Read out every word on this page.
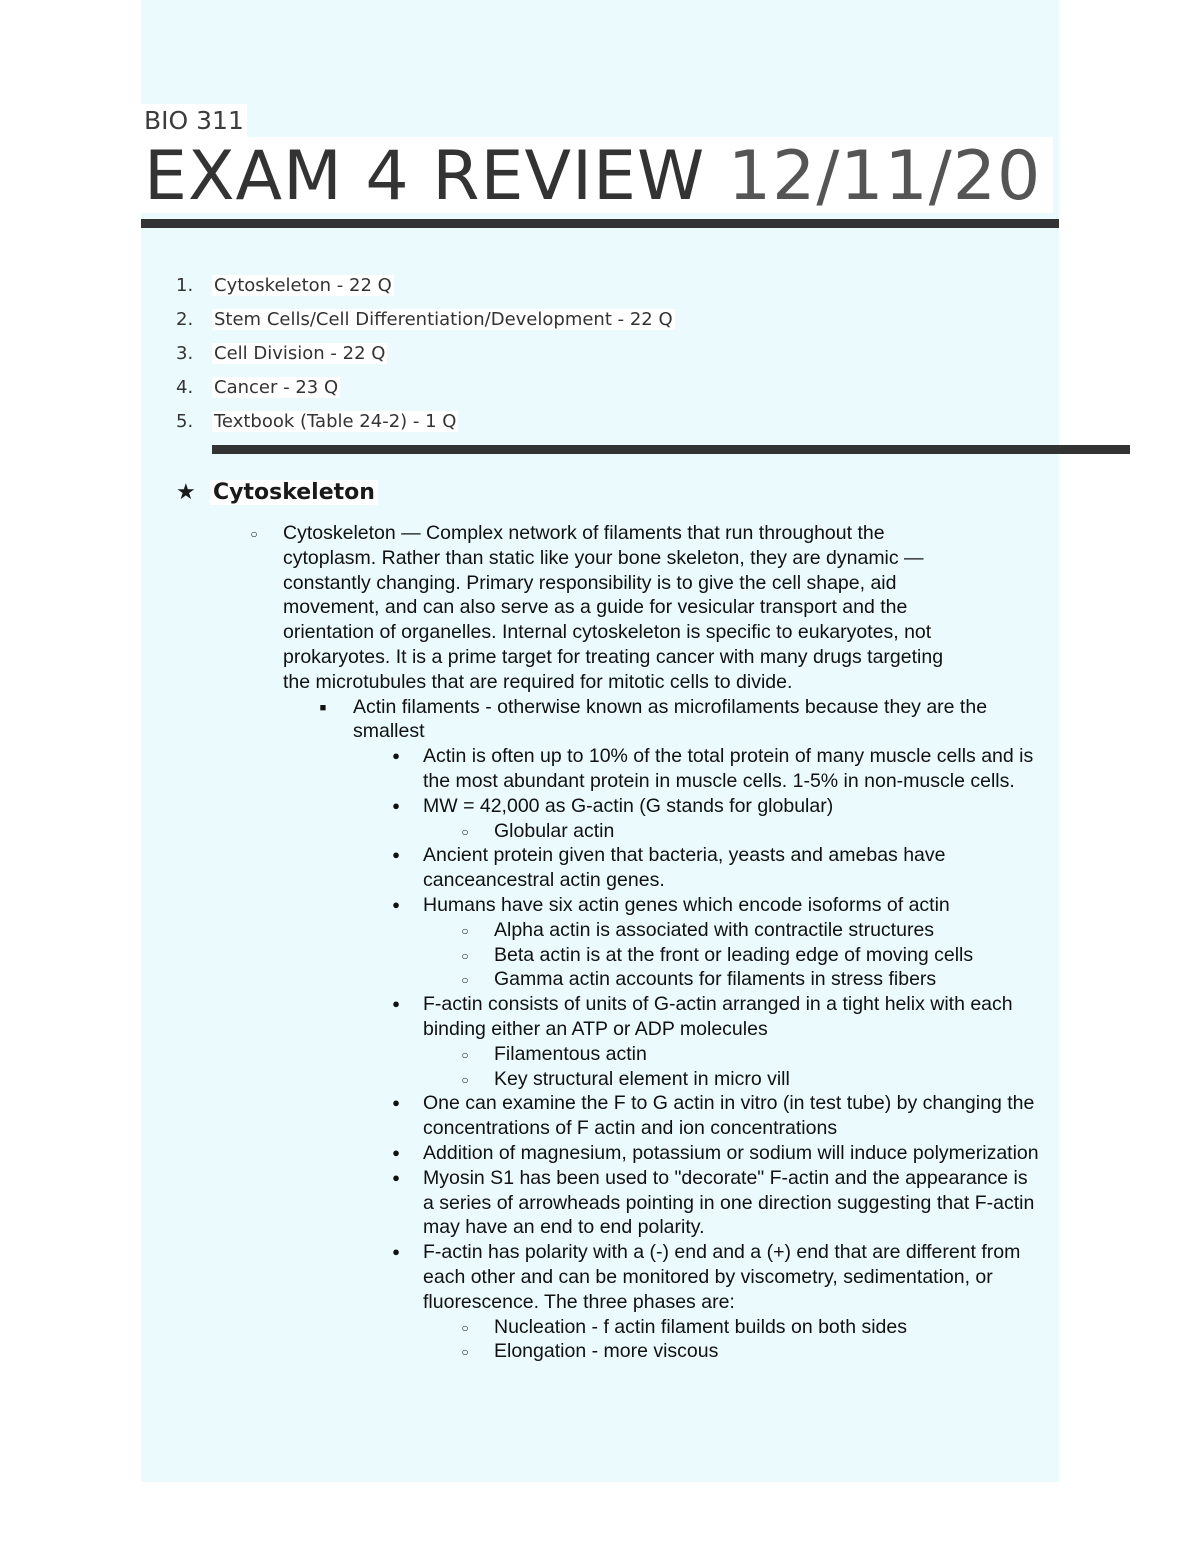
BIO 311
EXAM 4 REVIEW 12/11/20
1. Cytoskeleton - 22 Q
2. Stem Cells/Cell Differentiation/Development - 22 Q
3. Cell Division - 22 Q
4. Cancer - 23 Q
5. Textbook (Table 24-2) - 1 Q
★ Cytoskeleton
○ Cytoskeleton — Complex network of filaments that run throughout the cytoplasm. Rather than static like your bone skeleton, they are dynamic — constantly changing. Primary responsibility is to give the cell shape, aid movement, and can also serve as a guide for vesicular transport and the orientation of organelles. Internal cytoskeleton is specific to eukaryotes, not prokaryotes. It is a prime target for treating cancer with many drugs targeting the microtubules that are required for mitotic cells to divide.
■ Actin filaments - otherwise known as microfilaments because they are the smallest
● Actin is often up to 10% of the total protein of many muscle cells and is the most abundant protein in muscle cells. 1-5% in non-muscle cells.
● MW = 42,000 as G-actin (G stands for globular)
○ Globular actin
● Ancient protein given that bacteria, yeasts and amebas have canceancestral actin genes.
● Humans have six actin genes which encode isoforms of actin
○ Alpha actin is associated with contractile structures
○ Beta actin is at the front or leading edge of moving cells
○ Gamma actin accounts for filaments in stress fibers
● F-actin consists of units of G-actin arranged in a tight helix with each binding either an ATP or ADP molecules
○ Filamentous actin
○ Key structural element in micro vill
● One can examine the F to G actin in vitro (in test tube) by changing the concentrations of F actin and ion concentrations
● Addition of magnesium, potassium or sodium will induce polymerization
● Myosin S1 has been used to "decorate" F-actin and the appearance is a series of arrowheads pointing in one direction suggesting that F-actin may have an end to end polarity.
● F-actin has polarity with a (-) end and a (+) end that are different from each other and can be monitored by viscometry, sedimentation, or fluorescence. The three phases are:
○ Nucleation - f actin filament builds on both sides
○ Elongation - more viscous
